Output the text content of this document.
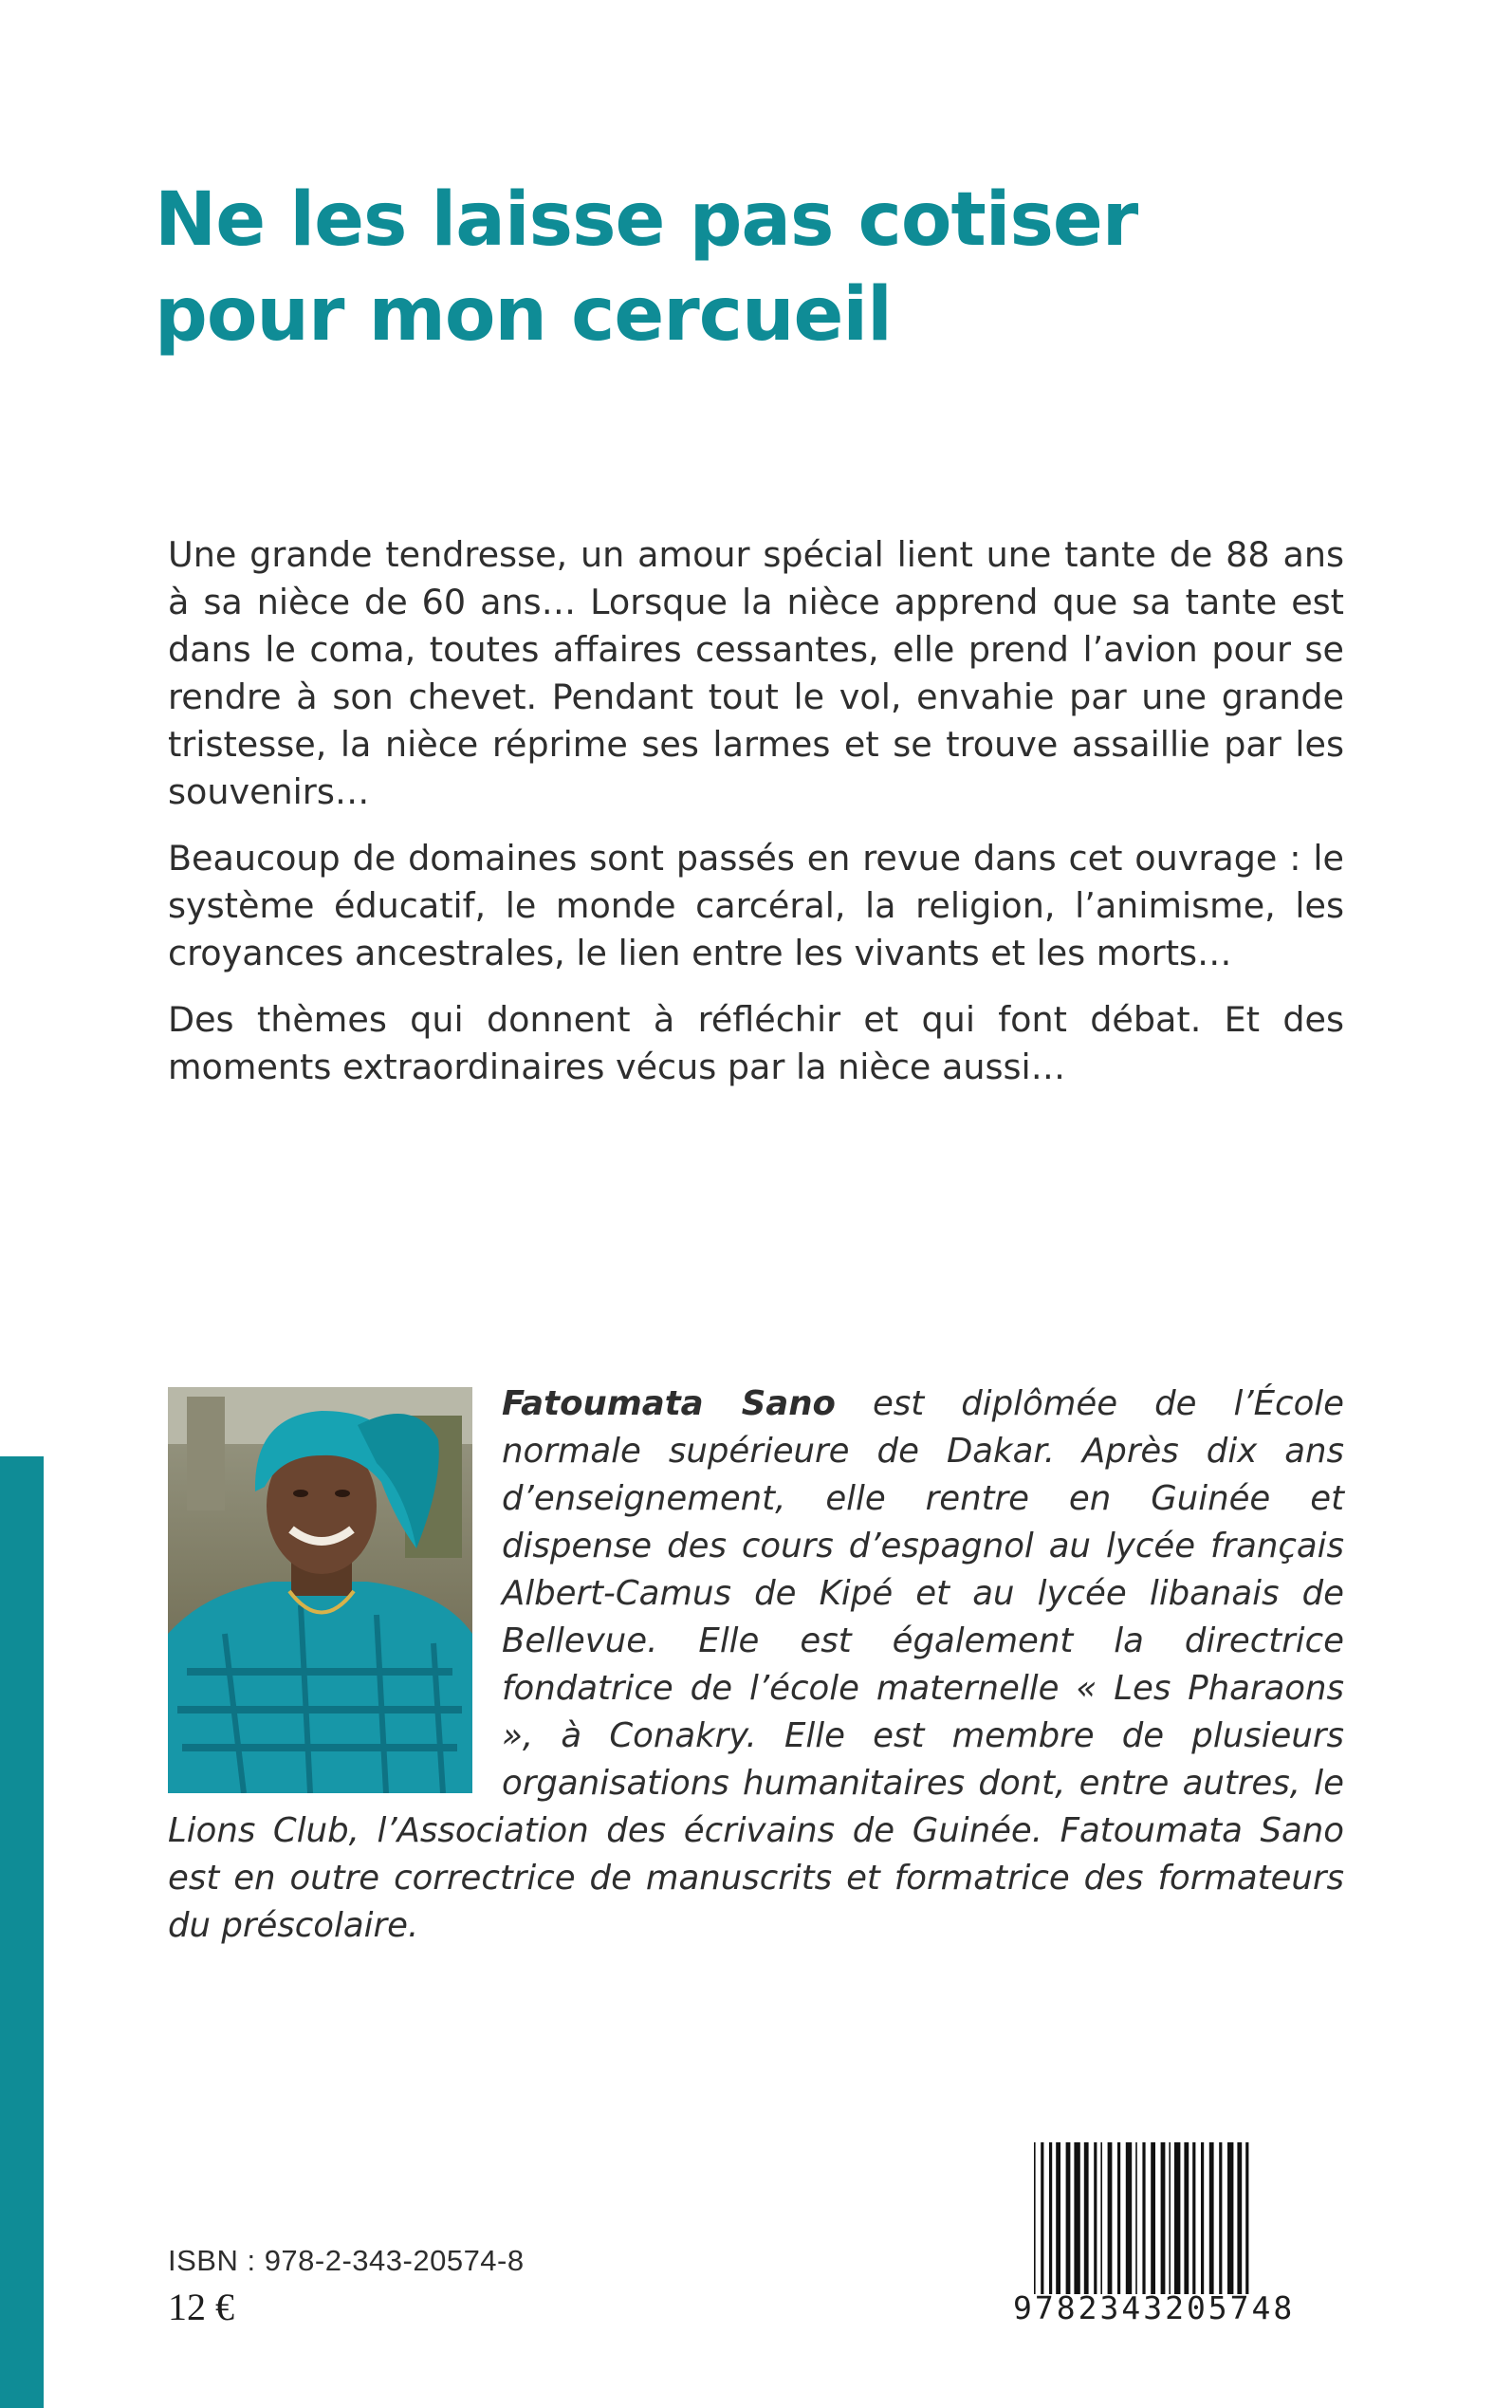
Ne les laisse pas cotiser
pour mon cercueil

Une grande tendresse, un amour spécial lient une tante de 88 ans à sa nièce de 60 ans… Lorsque la nièce apprend que sa tante est dans le coma, toutes affaires cessantes, elle prend l’avion pour se rendre à son chevet. Pendant tout le vol, envahie par une grande tristesse, la nièce réprime ses larmes et se trouve assaillie par les souvenirs…

Beaucoup de domaines sont passés en revue dans cet ouvrage : le système éducatif, le monde carcéral, la religion, l’animisme, les croyances ancestrales, le lien entre les vivants et les morts…

Des thèmes qui donnent à réfléchir et qui font débat. Et des moments extraordinaires vécus par la nièce aussi…

Fatoumata Sano est diplômée de l’École normale supérieure de Dakar. Après dix ans d’enseignement, elle rentre en Guinée et dispense des cours d’espagnol au lycée français Albert-Camus de Kipé et au lycée libanais de Bellevue. Elle est également la directrice fondatrice de l’école maternelle « Les Pharaons », à Conakry. Elle est membre de plusieurs organisations humanitaires dont, entre autres, le Lions Club, l’Association des écrivains de Guinée. Fatoumata Sano est en outre correctrice de manuscrits et formatrice des formateurs du préscolaire.
ISBN : 978-2-343-20574-8
12 €	9782343205748
